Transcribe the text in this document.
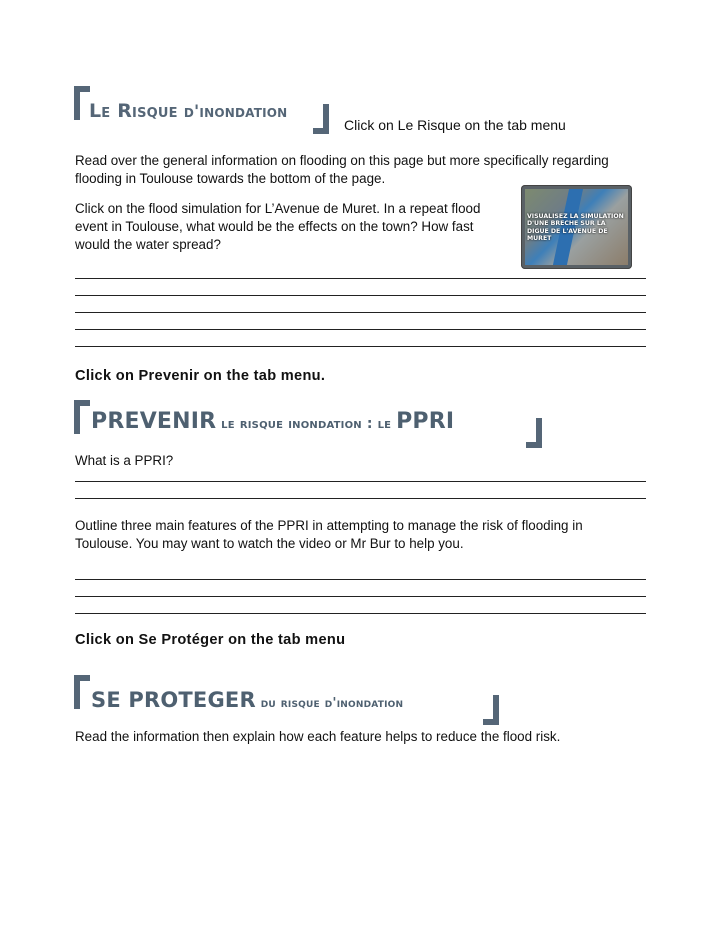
Le Risque d'inondation
Click on Le Risque on the tab menu
Read over the general information on flooding on this page but more specifically regarding
flooding in Toulouse towards the bottom of the page.
Click on the flood simulation for L’Avenue de Muret. In a repeat flood
event in Toulouse, what would be the effects on the town? How fast
would the water spread?
VISUALISEZ LA SIMULATION D'UNE BRECHE SUR LA DIGUE DE L'AVENUE DE MURET
Click on Prevenir on the tab menu.
PREVENIR le risque inondation : le PPRI
What is a PPRI?
Outline three main features of the PPRI in attempting to manage the risk of flooding in
Toulouse. You may want to watch the video or Mr Bur to help you.
Click on Se Protéger on the tab menu
SE PROTEGER du risque d'inondation
Read the information then explain how each feature helps to reduce the flood risk.
